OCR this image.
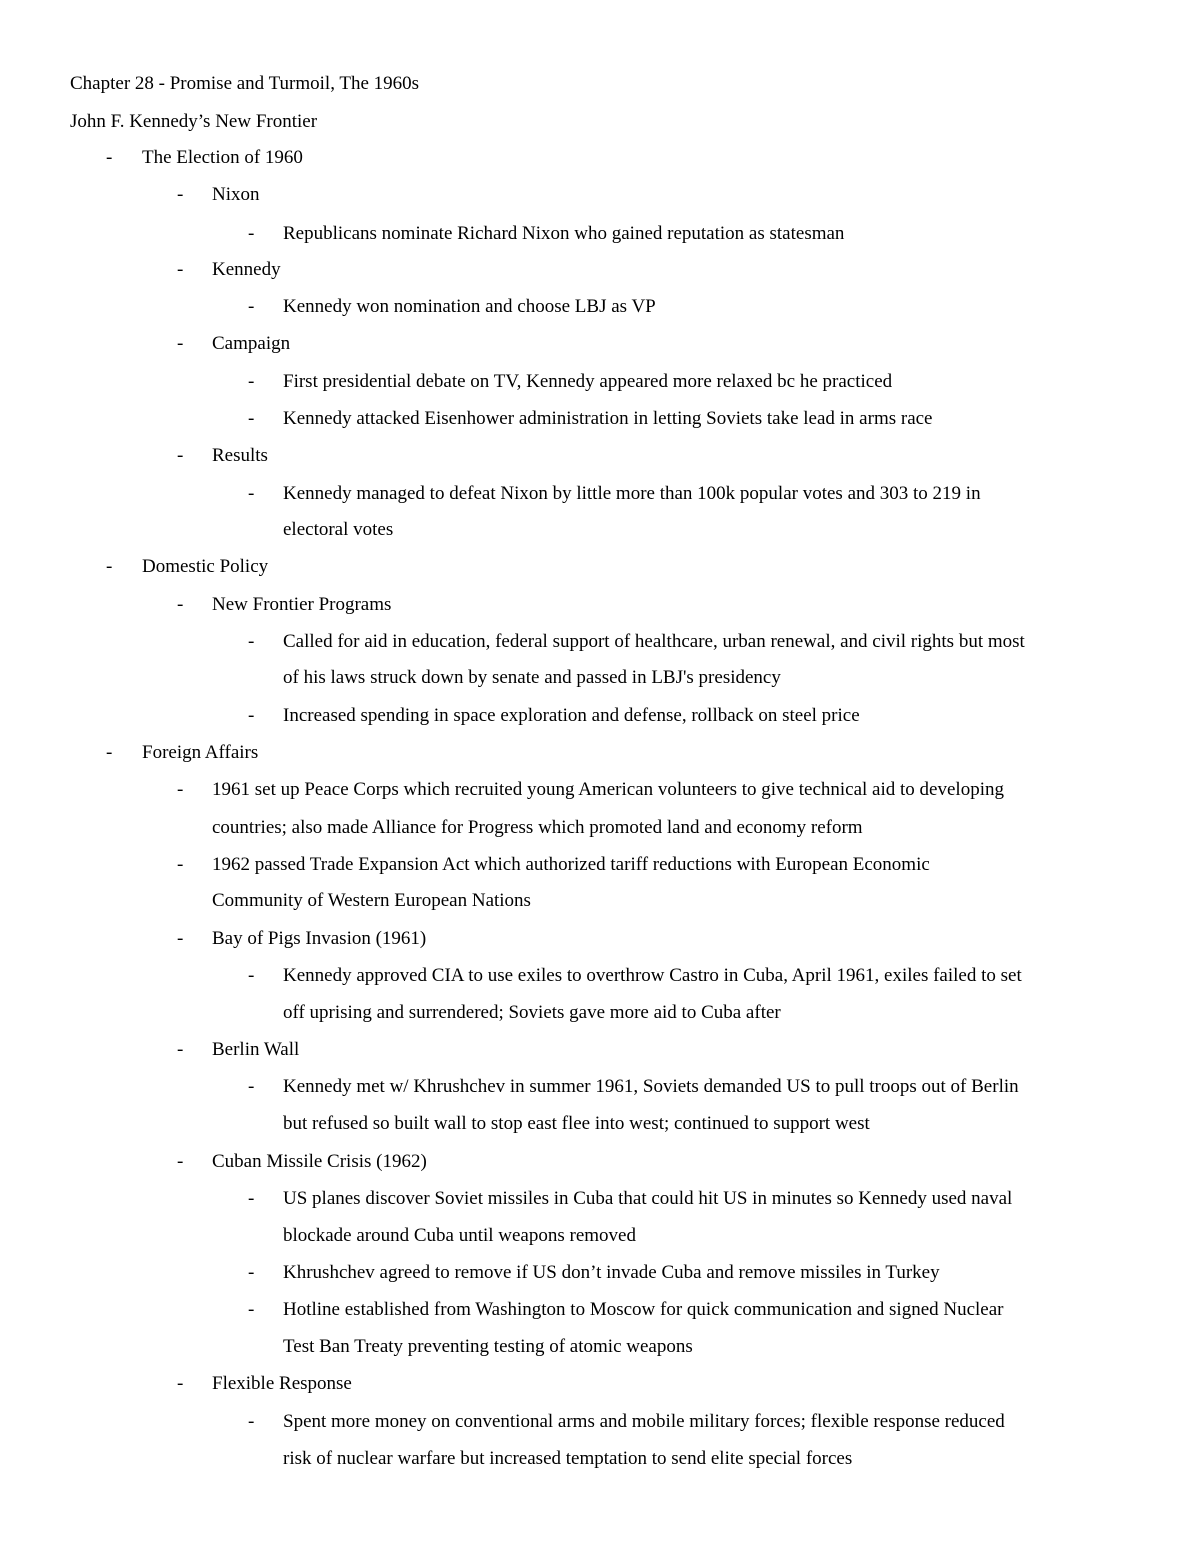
Chapter 28 - Promise and Turmoil, The 1960s
John F. Kennedy’s New Frontier
- The Election of 1960
- Nixon
- Republicans nominate Richard Nixon who gained reputation as statesman
- Kennedy
- Kennedy won nomination and choose LBJ as VP
- Campaign
- First presidential debate on TV, Kennedy appeared more relaxed bc he practiced
- Kennedy attacked Eisenhower administration in letting Soviets take lead in arms race
- Results
- Kennedy managed to defeat Nixon by little more than 100k popular votes and 303 to 219 in
electoral votes
- Domestic Policy
- New Frontier Programs
- Called for aid in education, federal support of healthcare, urban renewal, and civil rights but most
of his laws struck down by senate and passed in LBJ's presidency
- Increased spending in space exploration and defense, rollback on steel price
- Foreign Affairs
- 1961 set up Peace Corps which recruited young American volunteers to give technical aid to developing
countries; also made Alliance for Progress which promoted land and economy reform
- 1962 passed Trade Expansion Act which authorized tariff reductions with European Economic
Community of Western European Nations
- Bay of Pigs Invasion (1961)
- Kennedy approved CIA to use exiles to overthrow Castro in Cuba, April 1961, exiles failed to set
off uprising and surrendered; Soviets gave more aid to Cuba after
- Berlin Wall
- Kennedy met w/ Khrushchev in summer 1961, Soviets demanded US to pull troops out of Berlin
but refused so built wall to stop east flee into west; continued to support west
- Cuban Missile Crisis (1962)
- US planes discover Soviet missiles in Cuba that could hit US in minutes so Kennedy used naval
blockade around Cuba until weapons removed
- Khrushchev agreed to remove if US don’t invade Cuba and remove missiles in Turkey
- Hotline established from Washington to Moscow for quick communication and signed Nuclear
Test Ban Treaty preventing testing of atomic weapons
- Flexible Response
- Spent more money on conventional arms and mobile military forces; flexible response reduced
risk of nuclear warfare but increased temptation to send elite special forces
